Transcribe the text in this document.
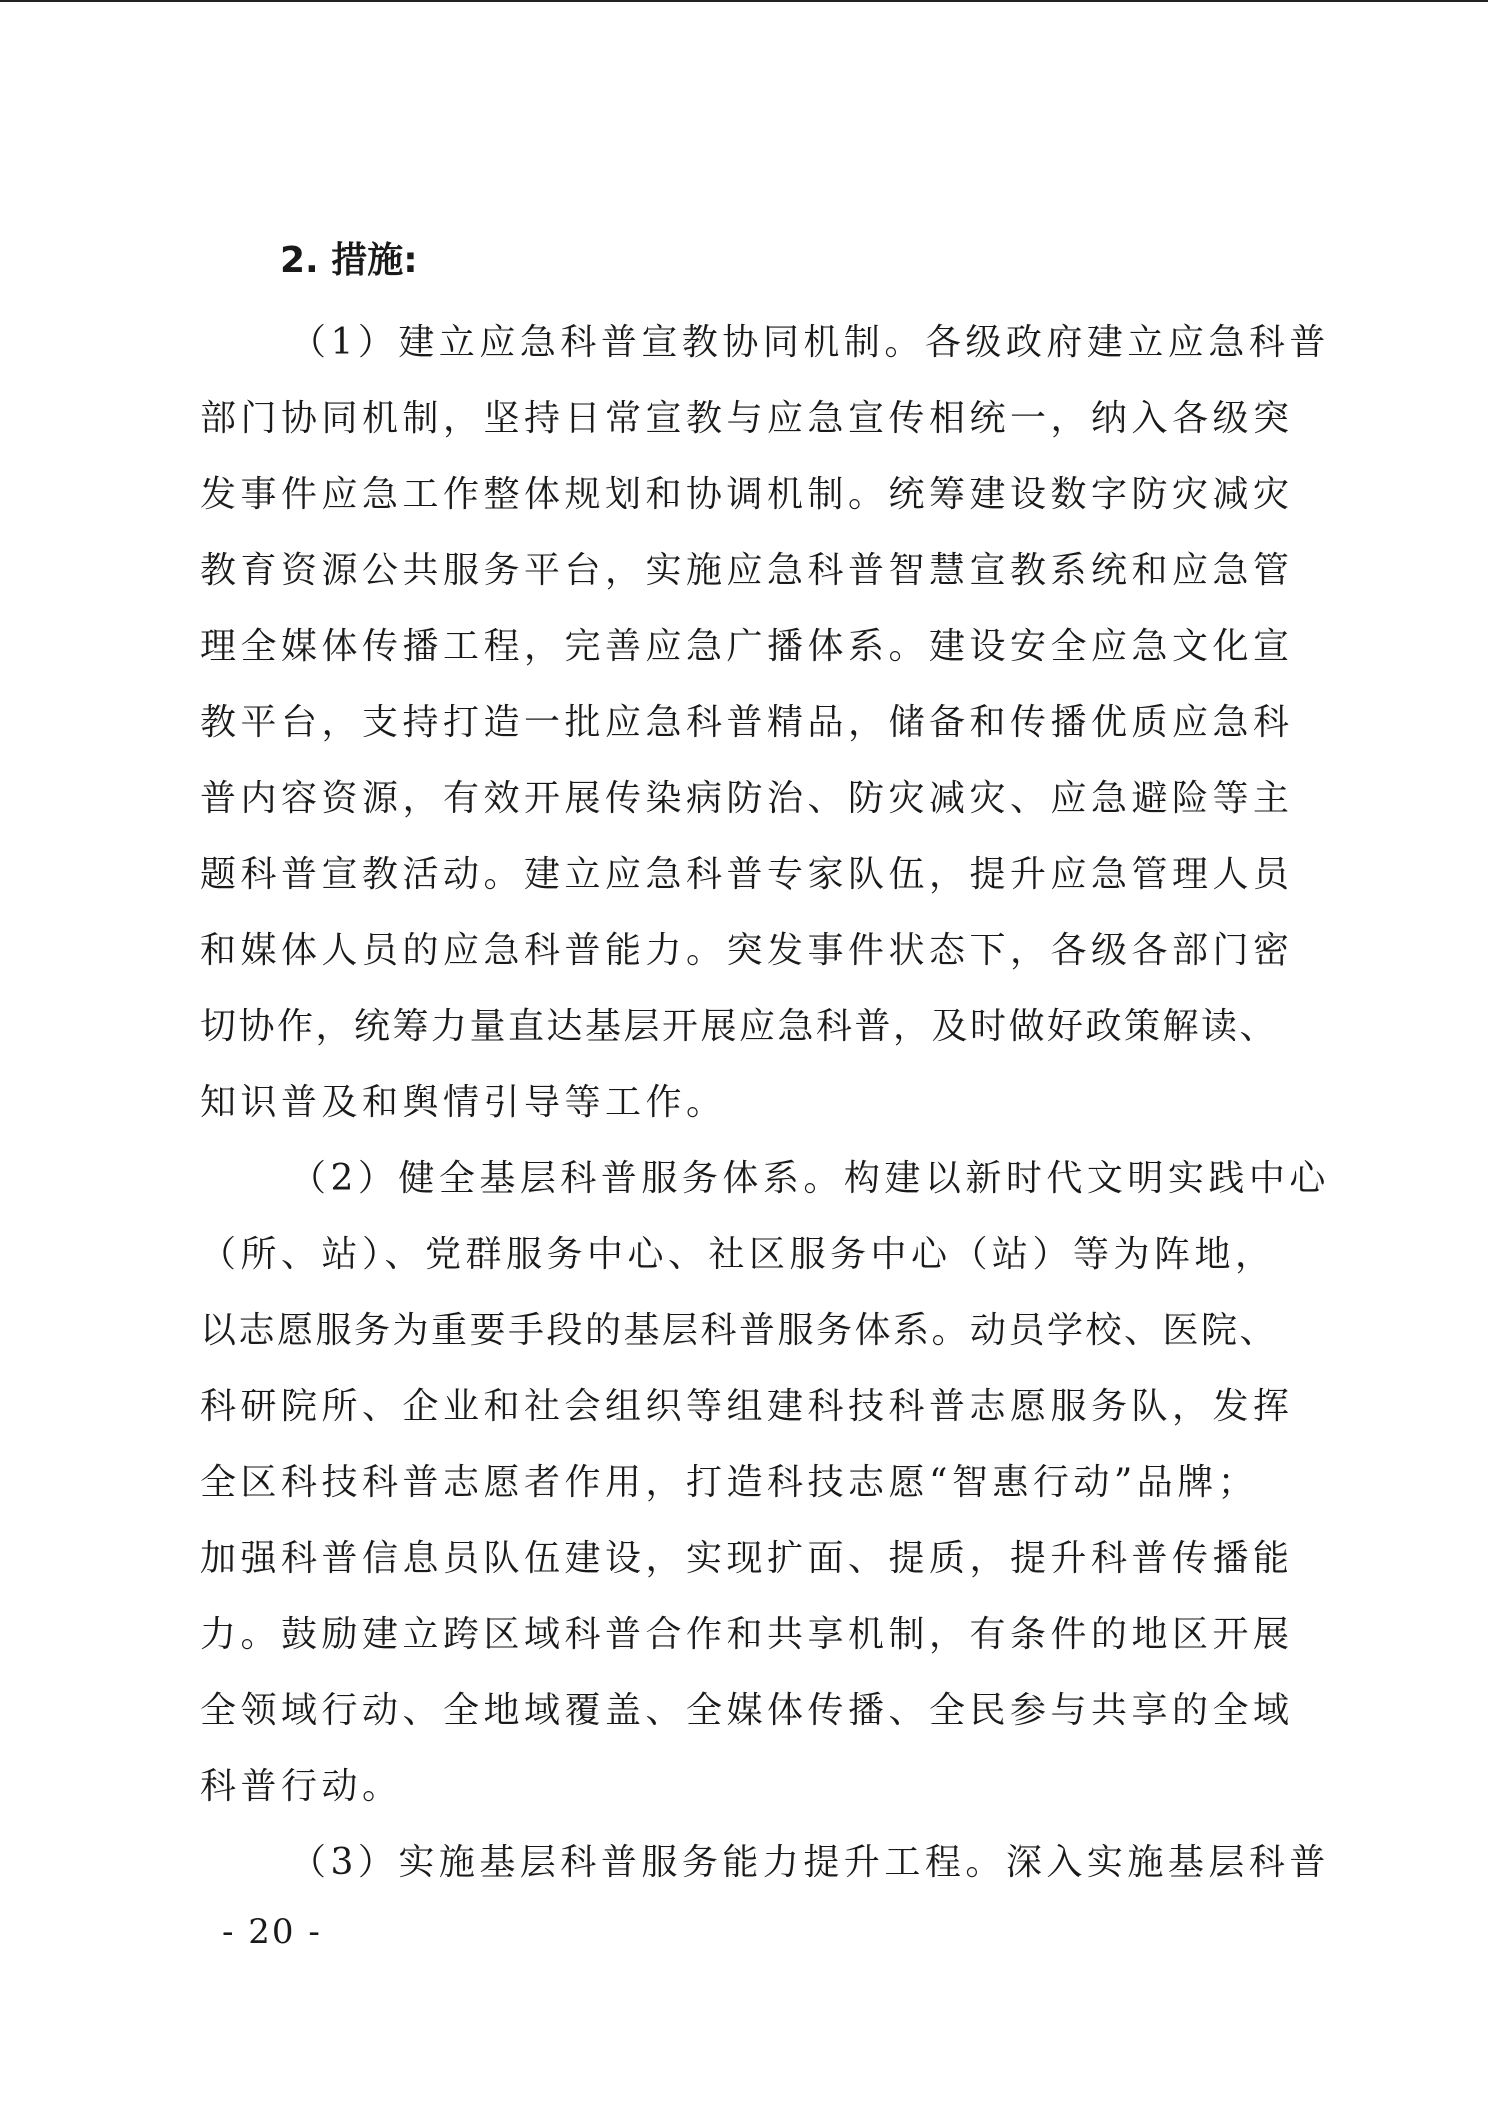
2. 措施:
（1）建立应急科普宣教协同机制。各级政府建立应急科普
部门协同机制，坚持日常宣教与应急宣传相统一，纳入各级突
发事件应急工作整体规划和协调机制。统筹建设数字防灾减灾
教育资源公共服务平台，实施应急科普智慧宣教系统和应急管
理全媒体传播工程，完善应急广播体系。建设安全应急文化宣
教平台，支持打造一批应急科普精品，储备和传播优质应急科
普内容资源，有效开展传染病防治、防灾减灾、应急避险等主
题科普宣教活动。建立应急科普专家队伍，提升应急管理人员
和媒体人员的应急科普能力。突发事件状态下，各级各部门密
切协作，统筹力量直达基层开展应急科普，及时做好政策解读、
知识普及和舆情引导等工作。
（2）健全基层科普服务体系。构建以新时代文明实践中心
（所、站）、党群服务中心、社区服务中心（站）等为阵地，
以志愿服务为重要手段的基层科普服务体系。动员学校、医院、
科研院所、企业和社会组织等组建科技科普志愿服务队，发挥
全区科技科普志愿者作用，打造科技志愿“智惠行动”品牌；
加强科普信息员队伍建设，实现扩面、提质，提升科普传播能
力。鼓励建立跨区域科普合作和共享机制，有条件的地区开展
全领域行动、全地域覆盖、全媒体传播、全民参与共享的全域
科普行动。
（3）实施基层科普服务能力提升工程。深入实施基层科普
- 20 -
